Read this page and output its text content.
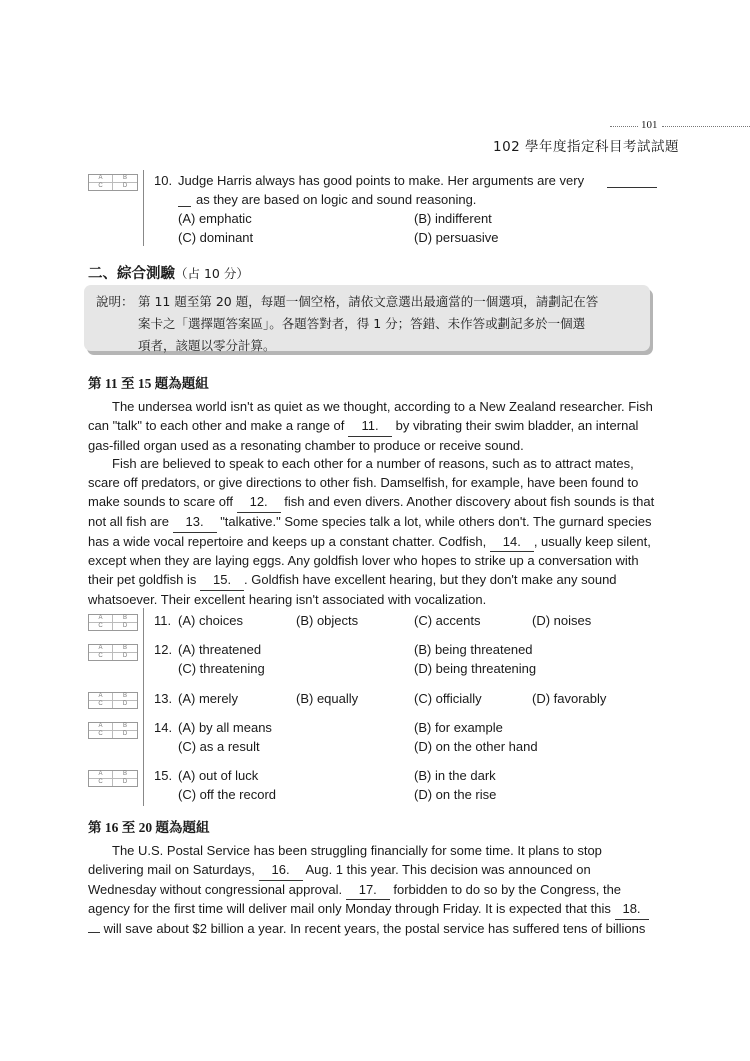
101
102 學年度指定科目考試試題
A	B
C	D	10. Judge Harris always has good points to make. Her arguments are very
as they are based on logic and sound reasoning.
(A) emphatic	(B) indifferent
(C) dominant	(D) persuasive
二、綜合測驗（占 10 分）
說明： 第 11 題至第 20 題，每題一個空格，請依文意選出最適當的一個選項，請劃記在答
案卡之「選擇題答案區」。各題答對者，得 1 分；答錯、未作答或劃記多於一個選
項者，該題以零分計算。
第 11 至 15 題為題組

The undersea world isn't as quiet as we thought, according to a New Zealand researcher. Fish

can "talk" to each other and make a range of 11. by vibrating their swim bladder, an internal

gas-filled organ used as a resonating chamber to produce or receive sound.

Fish are believed to speak to each other for a number of reasons, such as to attract mates,

scare off predators, or give directions to other fish. Damselfish, for example, have been found to

make sounds to scare off 12. fish and even divers. Another discovery about fish sounds is that

not all fish are 13. "talkative." Some species talk a lot, while others don't. The gurnard species

has a wide vocal repertoire and keeps up a constant chatter. Codfish, 14. , usually keep silent,

except when they are laying eggs. Any goldfish lover who hopes to strike up a conversation with

their pet goldfish is 15. . Goldfish have excellent hearing, but they don't make any sound

whatsoever. Their excellent hearing isn't associated with vocalization.

A	B
C	D	11. (A) choices	(B) objects	(C) accents	(D) noises
A	B
C	D	12. (A) threatened	(B) being threatened
(C) threatening	(D) being threatening
A	B
C	D	13. (A) merely	(B) equally	(C) officially	(D) favorably
A	B
C	D	14. (A) by all means	(B) for example
(C) as a result	(D) on the other hand
A	B
C	D	15. (A) out of luck	(B) in the dark
(C) off the record	(D) on the rise
第 16 至 20 題為題組

The U.S. Postal Service has been struggling financially for some time. It plans to stop

delivering mail on Saturdays, 16. Aug. 1 this year. This decision was announced on

Wednesday without congressional approval. 17. forbidden to do so by the Congress, the

agency for the first time will deliver mail only Monday through Friday. It is expected that this 18.

will save about $2 billion a year. In recent years, the postal service has suffered tens of billions
